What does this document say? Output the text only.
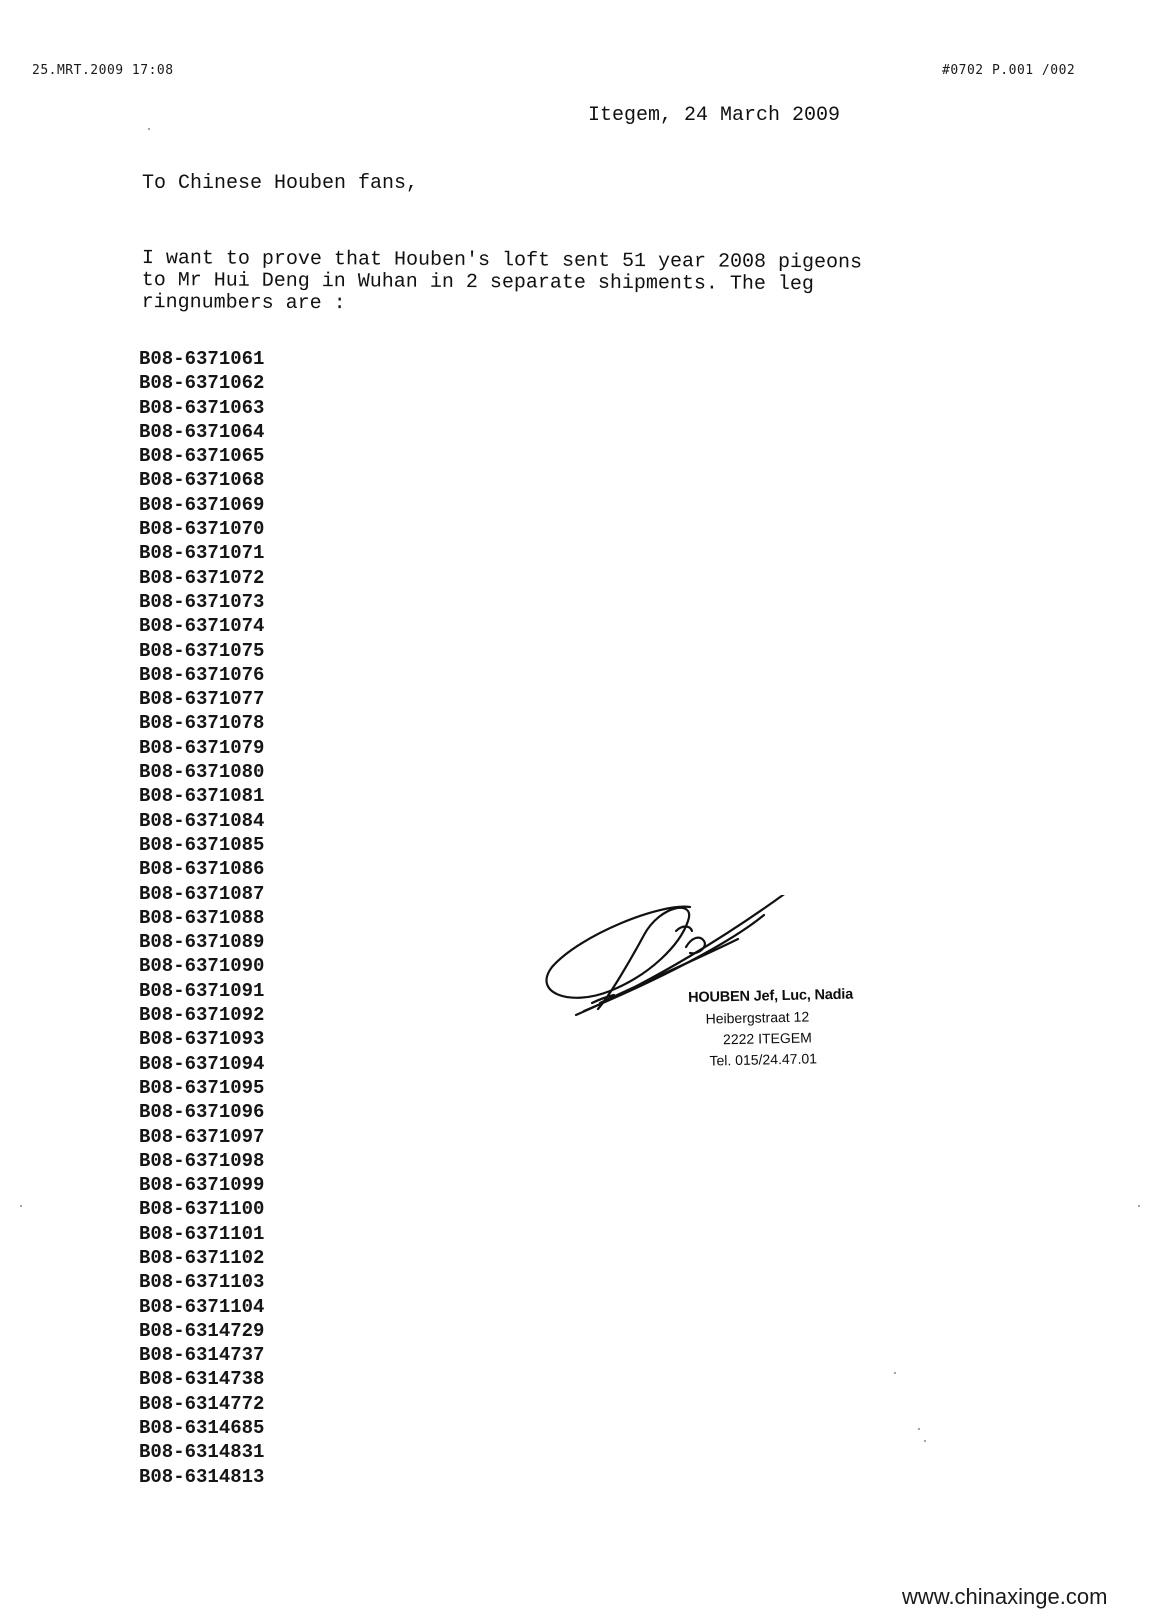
25.MRT.2009 17:08	#0702 P.001 /002
Itegem, 24 March 2009
To Chinese Houben fans,
I want to prove that Houben's loft sent 51 year 2008 pigeons
to Mr Hui Deng in Wuhan in 2 separate shipments. The leg
ringnumbers are :
B08-6371061
B08-6371062
B08-6371063
B08-6371064
B08-6371065
B08-6371068
B08-6371069
B08-6371070
B08-6371071
B08-6371072
B08-6371073
B08-6371074
B08-6371075
B08-6371076
B08-6371077
B08-6371078
B08-6371079
B08-6371080
B08-6371081
B08-6371084
B08-6371085
B08-6371086
B08-6371087
B08-6371088
B08-6371089
B08-6371090
B08-6371091
B08-6371092
B08-6371093
B08-6371094
B08-6371095
B08-6371096
B08-6371097
B08-6371098
B08-6371099
B08-6371100
B08-6371101
B08-6371102
B08-6371103
B08-6371104
B08-6314729
B08-6314737
B08-6314738
B08-6314772
B08-6314685
B08-6314831
B08-6314813
HOUBEN Jef, Luc, Nadia
Heibergstraat 12
2222 ITEGEM
Tel. 015/24.47.01
www.chinaxinge.com
